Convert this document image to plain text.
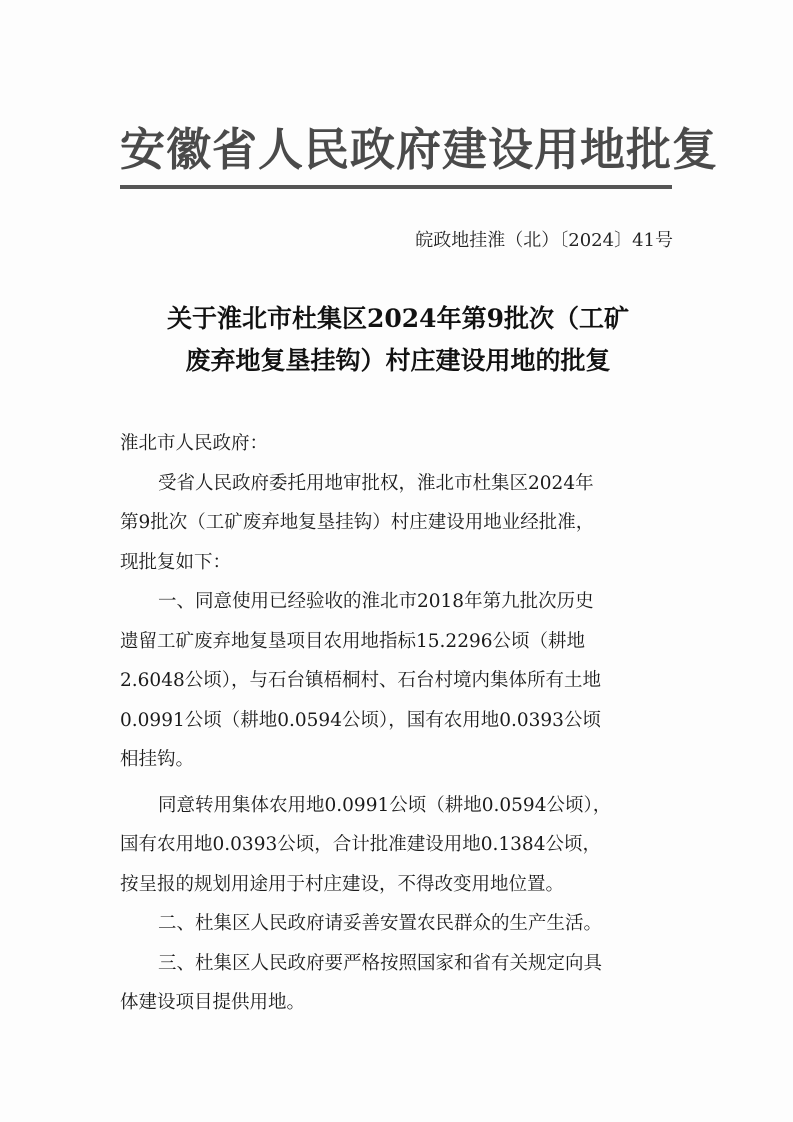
安徽省人民政府建设用地批复
皖政地挂淮（北）〔2024〕41号
关于淮北市杜集区2024年第9批次（工矿
废弃地复垦挂钩）村庄建设用地的批复
淮北市人民政府：
受省人民政府委托用地审批权，淮北市杜集区2024年
第9批次（工矿废弃地复垦挂钩）村庄建设用地业经批准，
现批复如下：
一、同意使用已经验收的淮北市2018年第九批次历史
遗留工矿废弃地复垦项目农用地指标15.2296公顷（耕地
2.6048公顷），与石台镇梧桐村、石台村境内集体所有土地
0.0991公顷（耕地0.0594公顷），国有农用地0.0393公顷
相挂钩。
同意转用集体农用地0.0991公顷（耕地0.0594公顷），
国有农用地0.0393公顷，合计批准建设用地0.1384公顷，
按呈报的规划用途用于村庄建设，不得改变用地位置。
二、杜集区人民政府请妥善安置农民群众的生产生活。
三、杜集区人民政府要严格按照国家和省有关规定向具
体建设项目提供用地。
